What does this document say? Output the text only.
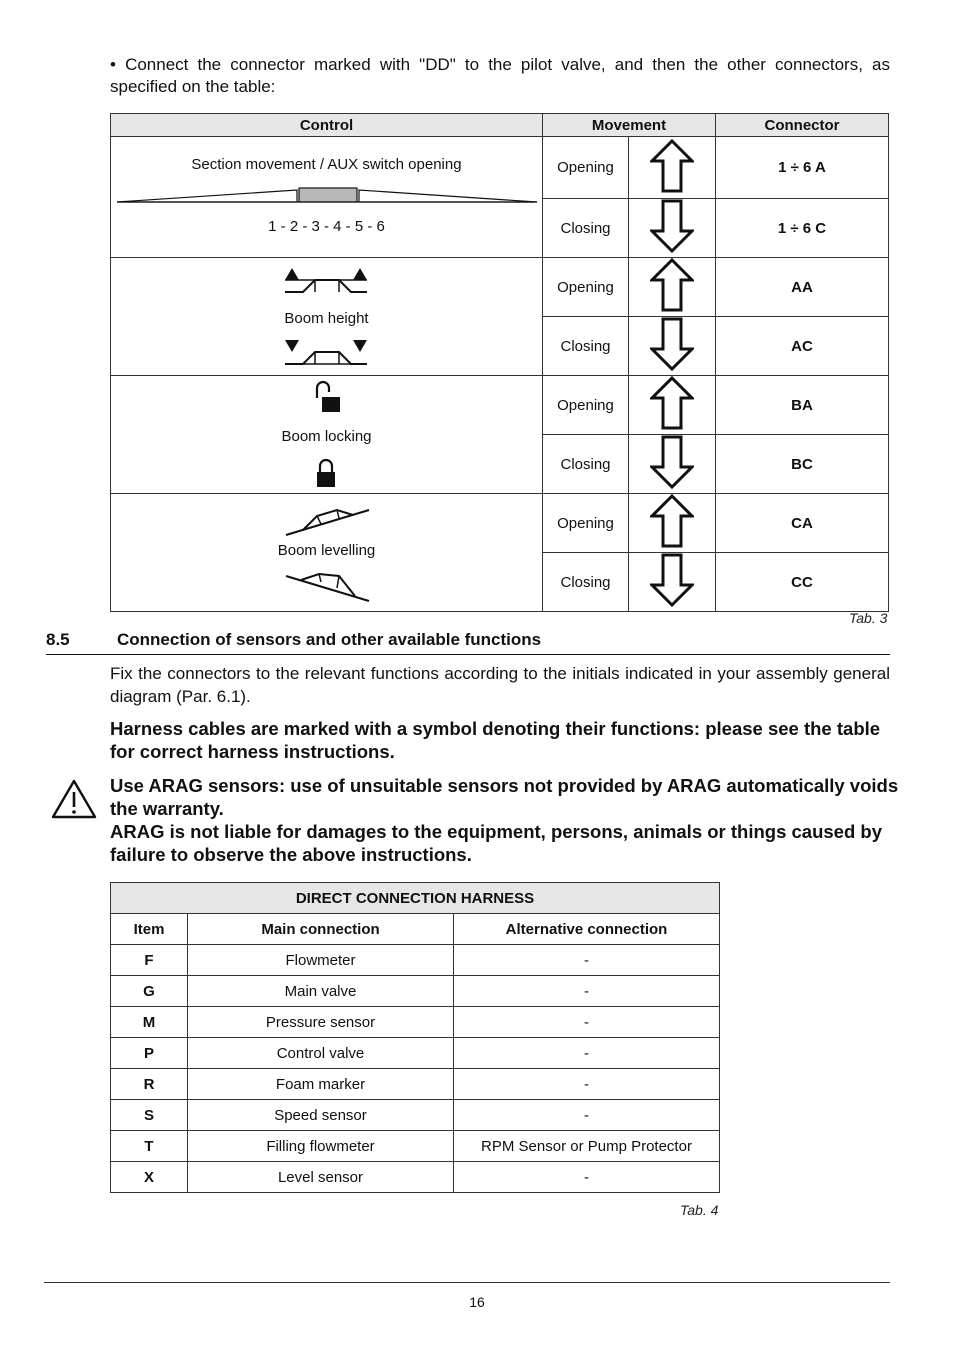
• Connect the connector marked with "DD" to the pilot valve, and then the other connectors, as specified on the table:
Control	Movement		Connector

Section movement / AUX switch opening
1 - 2 - 3 - 4 - 5 - 6	Opening		1 ÷ 6 A
	Closing		1 ÷ 6 C

Boom height	Opening		AA
	Closing		AC

Boom locking	Opening		BA
	Closing		BC

Boom levelling	Opening		CA
	Closing		CC
Tab. 3
8.5	Connection of sensors and other available functions
Fix the connectors to the relevant functions according to the initials indicated in your assembly general diagram (Par. 6.1).
Harness cables are marked with a symbol denoting their functions: please see the table for correct harness instructions.
Use ARAG sensors: use of unsuitable sensors not provided by ARAG automatically voids the warranty.
ARAG is not liable for damages to the equipment, persons, animals or things caused by failure to observe the above instructions.
DIRECT CONNECTION HARNESS		
Item	Main connection	Alternative connection
F	Flowmeter	-
G	Main valve	-
M	Pressure sensor	-
P	Control valve	-
R	Foam marker	-
S	Speed sensor	-
T	Filling flowmeter	RPM Sensor or Pump Protector
X	Level sensor	-
Tab. 4
16
